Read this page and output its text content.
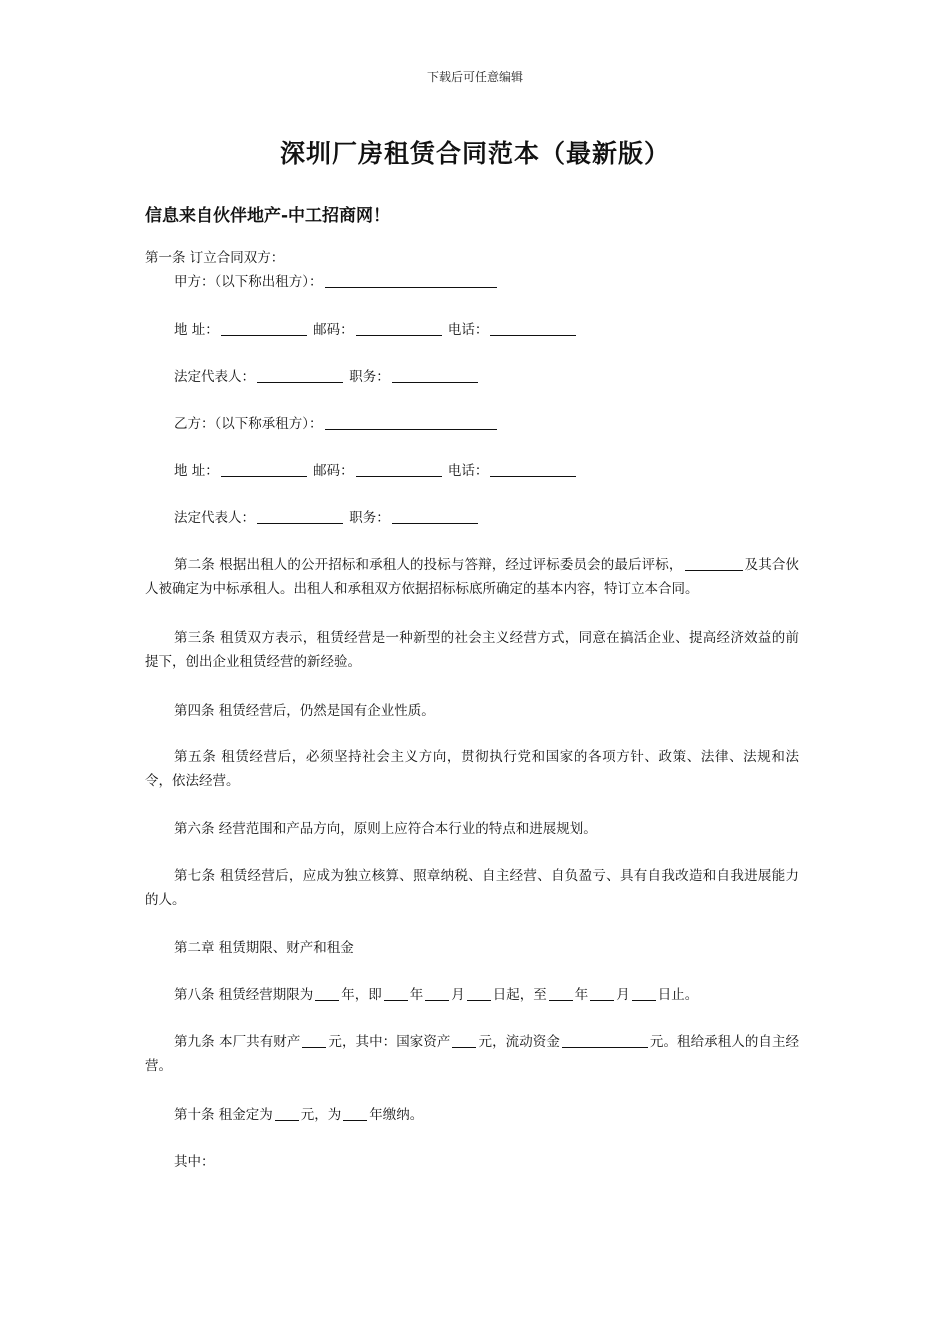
下载后可任意编辑
深圳厂房租赁合同范本（最新版）
信息来自伙伴地产-中工招商网！
第一条 订立合同双方：
甲方：（以下称出租方）：
地 址：	邮码：	电话：
法定代表人：	职务：
乙方：（以下称承租方）：
地 址：	邮码：	电话：
法定代表人：	职务：
第二条 根据出租人的公开招标和承租人的投标与答辩，经过评标委员会的最后评标，	及其合伙人被确定为中标承租人。出租人和承租双方依据招标标底所确定的基本内容，特订立本合同。
第三条 租赁双方表示，租赁经营是一种新型的社会主义经营方式，同意在搞活企业、提高经济效益的前提下，创出企业租赁经营的新经验。
第四条 租赁经营后，仍然是国有企业性质。
第五条 租赁经营后，必须坚持社会主义方向，贯彻执行党和国家的各项方针、政策、法律、法规和法令，依法经营。
第六条 经营范围和产品方向，原则上应符合本行业的特点和进展规划。
第七条 租赁经营后，应成为独立核算、照章纳税、自主经营、自负盈亏、具有自我改造和自我进展能力的人。
第二章 租赁期限、财产和租金
第八条 租赁经营期限为 年，即 年 月 日起，至 年 月 日止。
第九条 本厂共有财产 元，其中：国家资产 元，流动资金	元。租给承租人的自主经营。
第十条 租金定为 元，为 年缴纳。
其中：
